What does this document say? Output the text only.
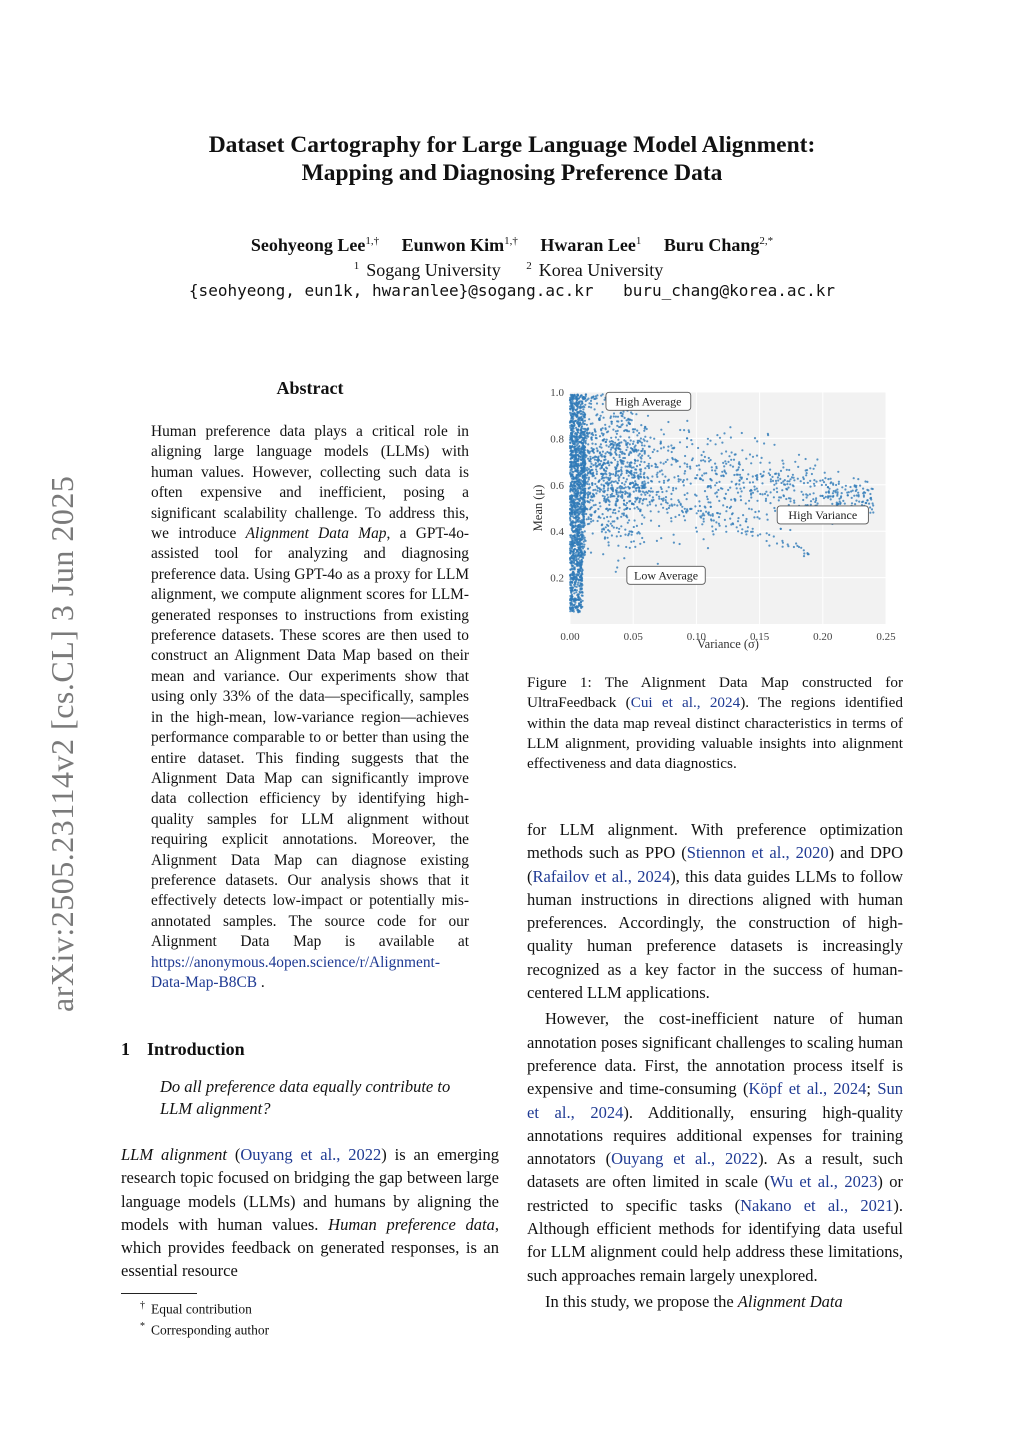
arXiv:2505.23114v2 [cs.CL] 3 Jun 2025
Dataset Cartography for Large Language Model Alignment:
Mapping and Diagnosing Preference Data
Seohyeong Lee$^{1,\dagger}$ Eunwon Kim$^{1,\dagger}$ Hwaran Lee$^1$ Buru Chang$^{2,*}$
$^1$ Sogang University $^2$ Korea University
{seohyeong, eun1k, hwaranlee}@sogang.ac.kr buru_chang@korea.ac.kr
Abstract

Human preference data plays a critical role in aligning large language models (LLMs) with human values. However, collecting such data is often expensive and inefficient, posing a significant scalability challenge. To address this, we introduce Alignment Data Map, a GPT-4o-assisted tool for analyzing and diagnosing preference data. Using GPT-4o as a proxy for LLM alignment, we compute alignment scores for LLM-generated responses to instructions from existing preference datasets. These scores are then used to construct an Alignment Data Map based on their mean and variance. Our experiments show that using only 33% of the data—specifically, samples in the high-mean, low-variance region—achieves performance comparable to or better than using the entire dataset. This finding suggests that the Alignment Data Map can significantly improve data collection efficiency by identifying high-quality samples for LLM alignment without requiring explicit annotations. Moreover, the Alignment Data Map can diagnose existing preference datasets. Our analysis shows that it effectively detects low-impact or potentially mis-annotated samples. The source code for our Alignment Data Map is available at https://anonymous.4open.science/r/Alignment-Data-Map-B8CB .

1 Introduction

Do all preference data equally contribute to LLM alignment?

LLM alignment (Ouyang et al., 2022) is an emerging research topic focused on bridging the gap between large language models (LLMs) and humans by aligning the models with human values. Human preference data, which provides feedback on generated responses, is an essential resource

† Equal contribution
* Corresponding author
0.00	0.05	0.10	0.15	0.20	0.25
0.2
0.4
0.6
0.8
1.0
High Average
High Variance
Low Average
Variance (σ)
Mean (μ)

Figure 1: The Alignment Data Map constructed for UltraFeedback (Cui et al., 2024). The regions identified within the data map reveal distinct characteristics in terms of LLM alignment, providing valuable insights into alignment effectiveness and data diagnostics.

for LLM alignment. With preference optimization methods such as PPO (Stiennon et al., 2020) and DPO (Rafailov et al., 2024), this data guides LLMs to follow human instructions in directions aligned with human preferences. Accordingly, the construction of high-quality human preference datasets is increasingly recognized as a key factor in the success of human-centered LLM applications.

However, the cost-inefficient nature of human annotation poses significant challenges to scaling human preference data. First, the annotation process itself is expensive and time-consuming (Köpf et al., 2024; Sun et al., 2024). Additionally, ensuring high-quality annotations requires additional expenses for training annotators (Ouyang et al., 2022). As a result, such datasets are often limited in scale (Wu et al., 2023) or restricted to specific tasks (Nakano et al., 2021). Although efficient methods for identifying data useful for LLM alignment could help address these limitations, such approaches remain largely unexplored.

In this study, we propose the Alignment Data
